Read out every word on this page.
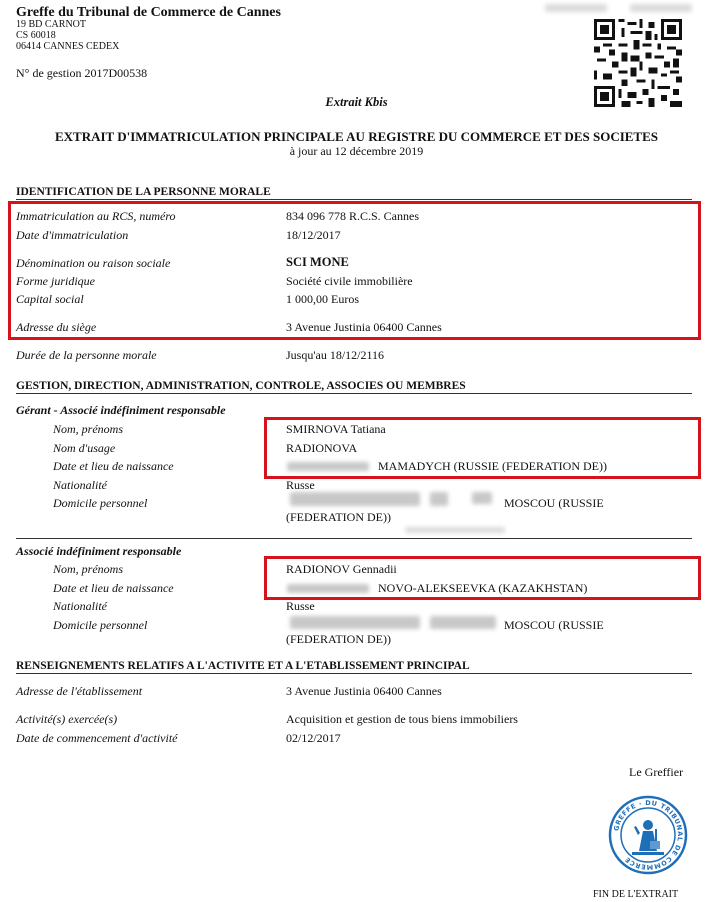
Greffe du Tribunal de Commerce de Cannes
19 BD CARNOT
CS 60018
06414 CANNES CEDEX
N° de gestion 2017D00538
Extrait Kbis
EXTRAIT D'IMMATRICULATION PRINCIPALE AU REGISTRE DU COMMERCE ET DES SOCIETES
à jour au 12 décembre 2019
IDENTIFICATION DE LA PERSONNE MORALE
Immatriculation au RCS, numéro	834 096 778 R.C.S. Cannes
Date d'immatriculation	18/12/2017
Dénomination ou raison sociale	SCI MONE
Forme juridique	Société civile immobilière
Capital social	1 000,00 Euros
Adresse du siège	3 Avenue Justinia 06400 Cannes
Durée de la personne morale	Jusqu'au 18/12/2116
GESTION, DIRECTION, ADMINISTRATION, CONTROLE, ASSOCIES OU MEMBRES
Gérant - Associé indéfiniment responsable
Nom, prénoms	SMIRNOVA Tatiana
Nom d'usage	RADIONOVA
Date et lieu de naissance	MAMADYCH (RUSSIE (FEDERATION DE))
Nationalité	Russe
Domicile personnel	MOSCOU (RUSSIE
(FEDERATION DE))
Associé indéfiniment responsable
Nom, prénoms	RADIONOV Gennadii
Date et lieu de naissance	NOVO-ALEKSEEVKA (KAZAKHSTAN)
Nationalité	Russe
Domicile personnel	MOSCOU (RUSSIE
(FEDERATION DE))
RENSEIGNEMENTS RELATIFS A L'ACTIVITE ET A L'ETABLISSEMENT PRINCIPAL
Adresse de l'établissement	3 Avenue Justinia 06400 Cannes
Activité(s) exercée(s)	Acquisition et gestion de tous biens immobiliers
Date de commencement d'activité	02/12/2017
Le Greffier
GREFFE · DU TRIBUNAL DE COMMERCE
FIN DE L'EXTRAIT
